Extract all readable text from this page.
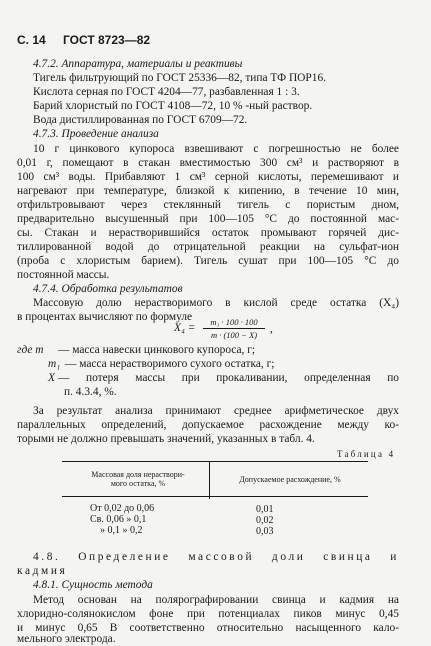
С. 14 ГОСТ 8723—82
4.7.2. Аппаратура, материалы и реактивы
Тигель фильтрующий по ГОСТ 25336—82, типа ТФ ПОР16.
Кислота серная по ГОСТ 4204—77, разбавленная 1 : 3.
Барий хлористый по ГОСТ 4108—72, 10 % -ный раствор.
Вода дистиллированная по ГОСТ 6709—72.
4.7.3. Проведение анализа
10 г цинкового купороса взвешивают с погрешностью не более
0,01 г, помещают в стакан вместимостью 300 см³ и растворяют в
100 см³ воды. Прибавляют 1 см³ серной кислоты, перемешивают и
нагревают при температуре, близкой к кипению, в течение 10 мин,
отфильтровывают через стеклянный тигель с пористым дном,
предварительно высушенный при 100—105 °С до постоянной мас-
сы. Стакан и нерастворившийся остаток промывают горячей дис-
тиллированной водой до отрицательной реакции на сульфат-ион
(проба с хлористым барием). Тигель сушат при 100—105 °С до
постоянной массы.
4.7.4. Обработка результатов
Массовую долю нерастворимого в кислой среде остатка (X₄)
в процентах вычисляют по формуле
X₄ =	m₁ · 100 · 100
m · (100 − X)	,
где m — масса навески цинкового купороса, г;
m₁ — масса нерастворимого сухого остатка, г;
X — потеря массы при прокаливании, определенная по
п. 4.3.4, %.
За результат анализа принимают среднее арифметическое двух
параллельных определений, допускаемое расхождение между ко-
торыми не должно превышать значений, указанных в табл. 4.
Таблица 4
Массовая доля нераствори-
мого остатка, %	Допускаемое расхождение, %
От 0,02 до 0,06	0,01
Св. 0,06 » 0,1	0,02
» 0,1 » 0,2	0,03
4.8. Определение массовой доли свинца и
кадмия
4.8.1. Сущность метода
Метод основан на полярографировании свинца и кадмия на
хлоридно-солянокислом фоне при потенциалах пиков минус 0,45
и минус 0,65 В соответственно относительно насыщенного кало-
мельного электрода.
